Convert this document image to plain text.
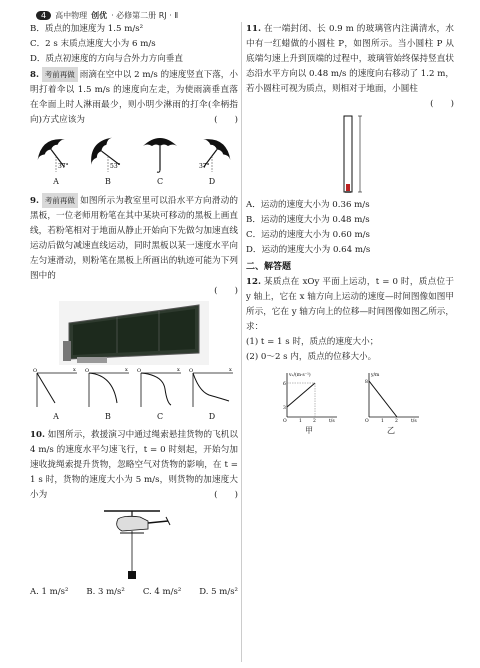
4	高中物理 创优 · 必修第二册 RJ · Ⅱ

B．质点的加速度为 1.5 m/s²

C．2 s 末质点速度大小为 6 m/s

D．质点初速度的方向与合外力方向垂直

8. 考前再做 雨滴在空中以 2 m/s 的速度竖直下落，小明打着伞以 1.5 m/s 的速度向左走，为使雨滴垂直落在伞面上时人淋雨最少，则小明少淋雨的打伞(伞柄指向)方式应该为	(　　)

37°
A
53°
B	C
37°
D

9. 考前再做 如图所示为教室里可以沿水平方向滑动的黑板，一位老师用粉笔在其中某块可移动的黑板上画直线，若粉笔相对于地面从静止开始向下先做匀加速直线运动后做匀减速直线运动，同时黑板以某一速度水平向左匀速滑动，则粉笔在黑板上所画出的轨迹可能为下列图中的

(　　)

O	x
A
O	x
B
O	x
C
O	x
D

10. 如图所示，救援演习中通过绳索悬挂货物的飞机以 4 m/s 的速度水平匀速飞行，t = 0 时刻起，开始匀加速收拢绳索提升货物，忽略空气对货物的影响，在 t = 1 s 时，货物的速度大小为 5 m/s，则货物的加速度大小为	(　　)

A. 1 m/s² B. 3 m/s² C. 4 m/s² D. 5 m/s²

11. 在一端封闭、长 0.9 m 的玻璃管内注满清水，水中有一红蜡做的小圆柱 P，如图所示。当小圆柱 P 从底端匀速上升到顶端的过程中，玻璃管始终保持竖直状态沿水平方向以 0.48 m/s 的速度向右移动了 1.2 m，若小圆柱可视为质点，则相对于地面，小圆柱

(　　)

A．运动的速度大小为 0.36 m/s

B．运动的速度大小为 0.48 m/s

C．运动的速度大小为 0.60 m/s

D．运动的速度大小为 0.64 m/s

二、解答题

12. 某质点在 xOy 平面上运动，t = 0 时，质点位于 y 轴上，它在 x 轴方向上运动的速度—时间图像如图甲所示，它在 y 轴方向上的位移—时间图像如图乙所示，求：

(1) t = 1 s 时，质点的速度大小；

(2) 0～2 s 内，质点的位移大小。

vₓ/(m·s⁻¹)
t/s
6
3
O	1 2
甲
y/m
t/s
8
O	1 2
乙
